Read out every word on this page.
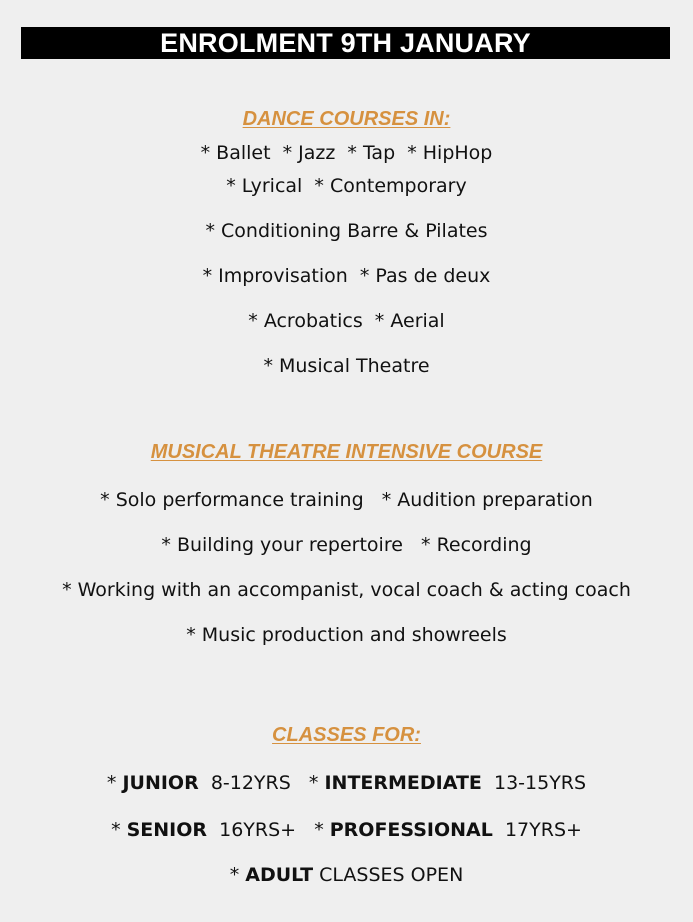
ENROLMENT 9TH JANUARY
DANCE COURSES IN:
* Ballet  * Jazz  * Tap  * HipHop
* Lyrical  * Contemporary
* Conditioning Barre & Pilates
* Improvisation  * Pas de deux
* Acrobatics  * Aerial
* Musical Theatre
MUSICAL THEATRE INTENSIVE COURSE
* Solo performance training   * Audition preparation
* Building your repertoire   * Recording
* Working with an accompanist, vocal coach & acting coach
* Music production and showreels
CLASSES FOR:
* JUNIOR  8-12YRS   * INTERMEDIATE  13-15YRS
* SENIOR  16YRS+   * PROFESSIONAL  17YRS+
* ADULT CLASSES OPEN
